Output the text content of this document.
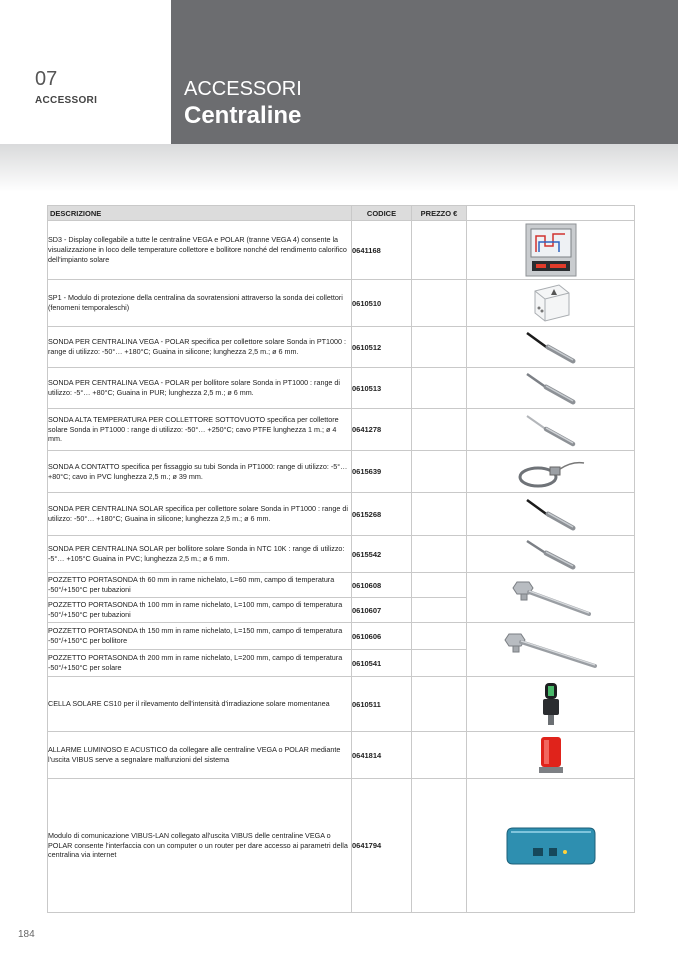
07
ACCESSORI
ACCESSORI
Centraline
DESCRIZIONE	CODICE	PREZZO €	
SD3 - Display collegabile a tutte le centraline VEGA e POLAR (tranne VEGA 4) consente la visualizzazione in loco delle temperature collettore e bollitore nonché del rendimento calorifico dell'impianto solare	0641168		

SP1 - Modulo di protezione della centralina da sovratensioni attraverso la sonda dei collettori (fenomeni temporaleschi)	0610510		

SONDA PER CENTRALINA VEGA - POLAR specifica per collettore solare Sonda in PT1000 : range di utilizzo: -50°… +180°C; Guaina in silicone; lunghezza 2,5 m.; ø 6 mm.	0610512		

SONDA PER CENTRALINA VEGA - POLAR per bollitore solare Sonda in PT1000 : range di utilizzo: -5°… +80°C; Guaina in PUR; lunghezza 2,5 m.; ø 6 mm.	0610513		

SONDA ALTA TEMPERATURA PER COLLETTORE SOTTOVUOTO specifica per collettore solare Sonda in PT1000 : range di utilizzo: -50°… +250°C; cavo PTFE lunghezza 1 m.; ø 4 mm.	0641278		

SONDA A CONTATTO specifica per fissaggio su tubi Sonda in PT1000: range di utilizzo: -5°… +80°C; cavo in PVC lunghezza 2,5 m.; ø 39 mm.	0615639		

SONDA PER CENTRALINA SOLAR specifica per collettore solare Sonda in PT1000 : range di utilizzo: -50°… +180°C; Guaina in silicone; lunghezza 2,5 m.; ø 6 mm.	0615268		

SONDA PER CENTRALINA SOLAR per bollitore solare Sonda in NTC 10K : range di utilizzo: -5°… +105°C Guaina in PVC; lunghezza 2,5 m.; ø 6 mm.	0615542		

POZZETTO PORTASONDA th 60 mm in rame nichelato, L=60 mm, campo di temperatura -50°/+150°C per tubazioni	0610608		

POZZETTO PORTASONDA th 100 mm in rame nichelato, L=100 mm, campo di temperatura -50°/+150°C per tubazioni	0610607		
POZZETTO PORTASONDA th 150 mm in rame nichelato, L=150 mm, campo di temperatura -50°/+150°C per bollitore	0610606		

POZZETTO PORTASONDA th 200 mm in rame nichelato, L=200 mm, campo di temperatura -50°/+150°C per solare	0610541		
CELLA SOLARE CS10 per il rilevamento dell'intensità d'irradiazione solare momentanea	0610511		

ALLARME LUMINOSO E ACUSTICO da collegare alle centraline VEGA o POLAR mediante l'uscita VIBUS serve a segnalare malfunzioni del sistema	0641814		

Modulo di comunicazione VIBUS-LAN collegato all'uscita VIBUS delle centraline VEGA o POLAR consente l'interfaccia con un computer o un router per dare accesso ai parametri della centralina via internet	0641794		
184
